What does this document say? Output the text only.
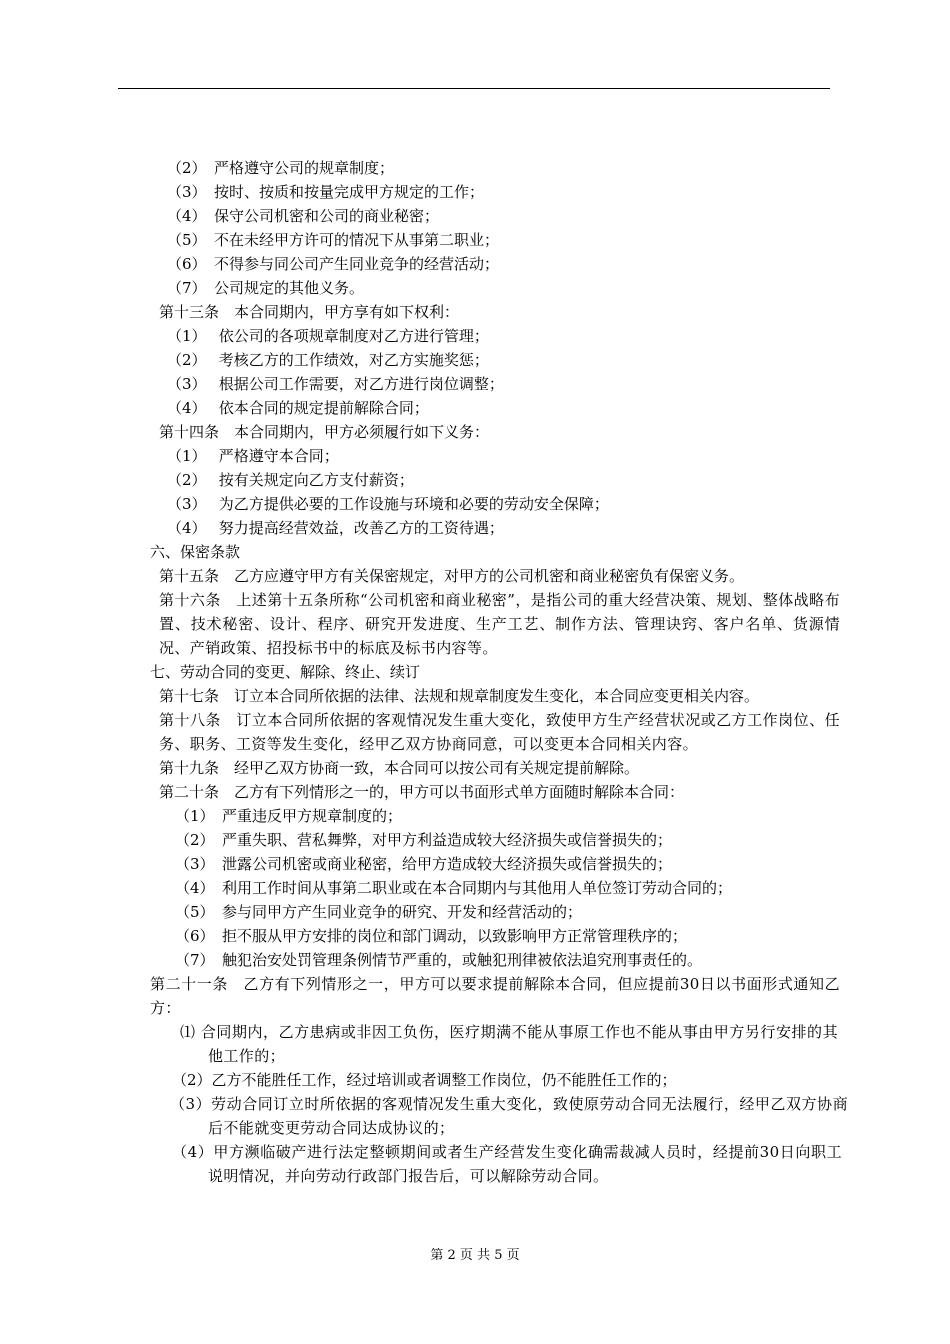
（2）　严格遵守公司的规章制度；
（3）　按时、按质和按量完成甲方规定的工作；
（4）　保守公司机密和公司的商业秘密；
（5）　不在未经甲方许可的情况下从事第二职业；
（6）　不得参与同公司产生同业竞争的经营活动；
（7）　公司规定的其他义务。
第十三条　本合同期内，甲方享有如下权利：
（1）　 依公司的各项规章制度对乙方进行管理；
（2）　 考核乙方的工作绩效，对乙方实施奖惩；
（3）　 根据公司工作需要，对乙方进行岗位调整；
（4）　 依本合同的规定提前解除合同；
第十四条　本合同期内，甲方必须履行如下义务：
（1）　 严格遵守本合同；
（2）　 按有关规定向乙方支付薪资；
（3）　 为乙方提供必要的工作设施与环境和必要的劳动安全保障；
（4）　 努力提高经营效益，改善乙方的工资待遇；
六、保密条款
第十五条　乙方应遵守甲方有关保密规定，对甲方的公司机密和商业秘密负有保密义务。
第十六条　上述第十五条所称“公司机密和商业秘密”，是指公司的重大经营决策、规划、整体战略布置、技术秘密、设计、程序、研究开发进度、生产工艺、制作方法、管理诀窍、客户名单、货源情况、产销政策、招投标书中的标底及标书内容等。
七、劳动合同的变更、解除、终止、续订
第十七条　订立本合同所依据的法律、法规和规章制度发生变化，本合同应变更相关内容。
第十八条　订立本合同所依据的客观情况发生重大变化，致使甲方生产经营状况或乙方工作岗位、任务、职务、工资等发生变化，经甲乙双方协商同意，可以变更本合同相关内容。
第十九条　经甲乙双方协商一致，本合同可以按公司有关规定提前解除。
第二十条　乙方有下列情形之一的，甲方可以书面形式单方面随时解除本合同：
（1）　严重违反甲方规章制度的；
（2）　严重失职、营私舞弊，对甲方利益造成较大经济损失或信誉损失的；
（3）　泄露公司机密或商业秘密，给甲方造成较大经济损失或信誉损失的；
（4）　利用工作时间从事第二职业或在本合同期内与其他用人单位签订劳动合同的；
（5）　参与同甲方产生同业竞争的研究、开发和经营活动的；
（6）　拒不服从甲方安排的岗位和部门调动，以致影响甲方正常管理秩序的；
（7）　触犯治安处罚管理条例情节严重的，或触犯刑律被依法追究刑事责任的。
第二十一条　乙方有下列情形之一，甲方可以要求提前解除本合同，但应提前30日以书面形式通知乙方：
⑴ 合同期内，乙方患病或非因工负伤，医疗期满不能从事原工作也不能从事由甲方另行安排的其他工作的；
（2）乙方不能胜任工作，经过培训或者调整工作岗位，仍不能胜任工作的；
（3）劳动合同订立时所依据的客观情况发生重大变化，致使原劳动合同无法履行，经甲乙双方协商后不能就变更劳动合同达成协议的；
（4）甲方濒临破产进行法定整顿期间或者生产经营发生变化确需裁减人员时，经提前30日向职工说明情况，并向劳动行政部门报告后，可以解除劳动合同。
第 2 页 共 5 页
